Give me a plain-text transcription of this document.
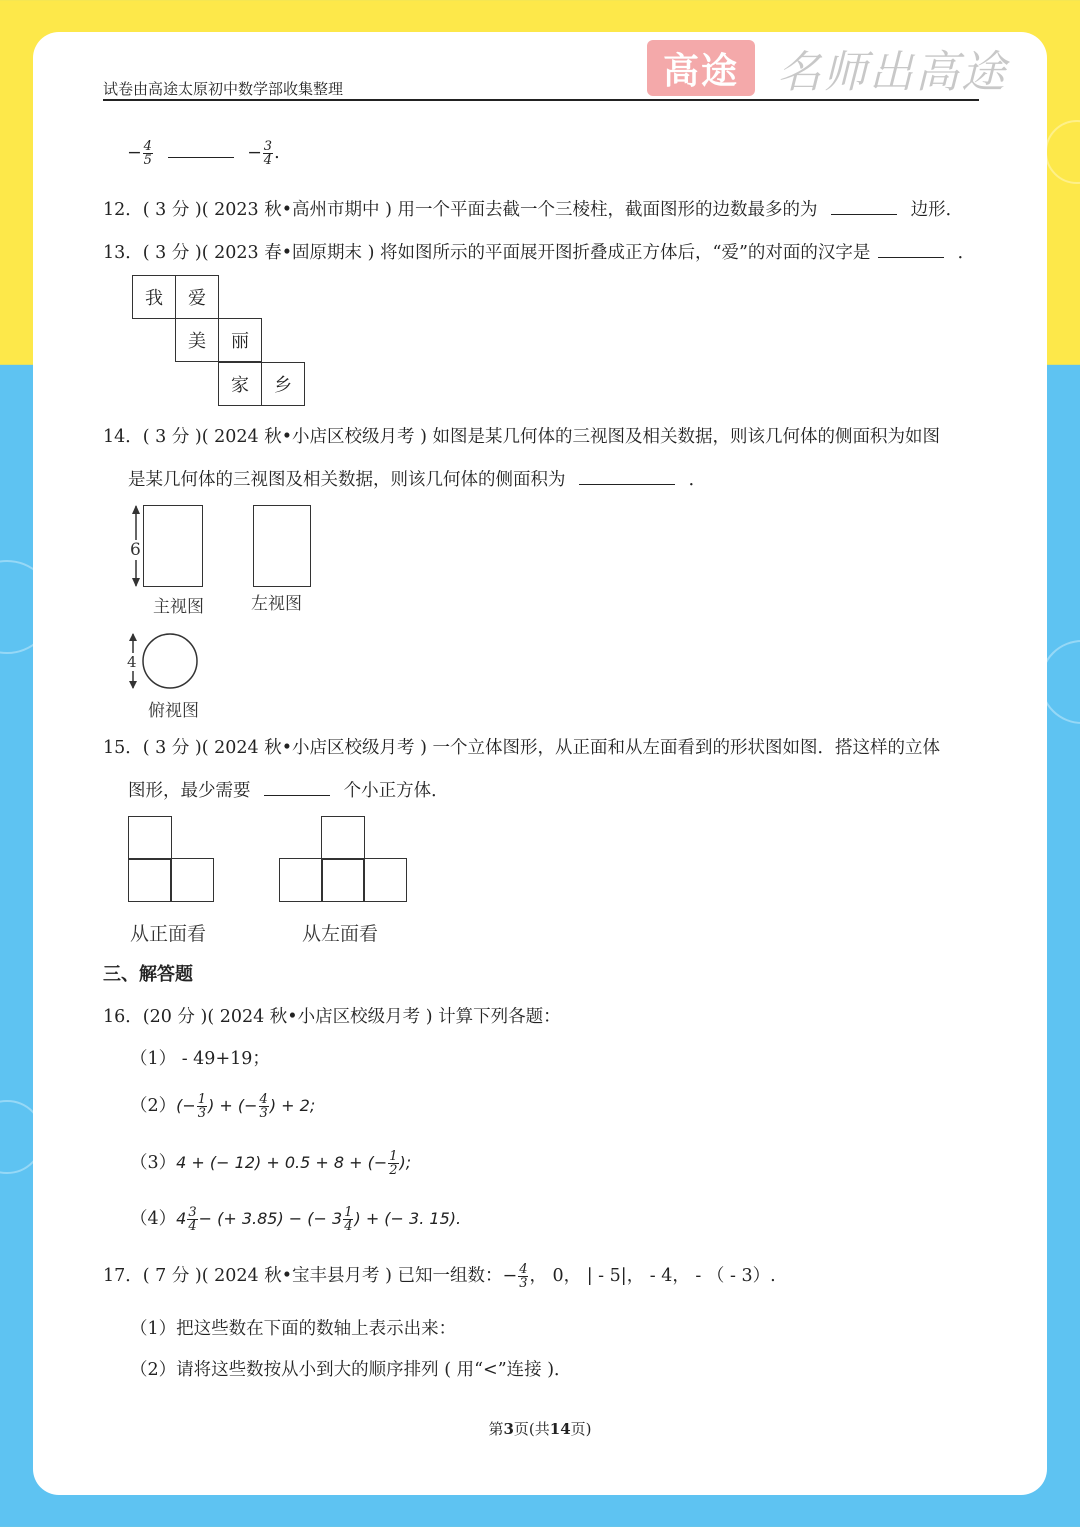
高途 名师出高途
试卷由高途太原初中数学部收集整理
− $\frac{4}{5}$	− $\frac{3}{4}$ .
12．( 3 分 )( 2023 秋•高州市期中 ) 用一个平面去截一个三棱柱，截面图形的边数最多的为	边形．
13．( 3 分 )( 2023 春•固原期末 ) 将如图所示的平面展开图折叠成正方体后，“爱”的对面的汉字是	．
我	爱
美	丽
家	乡
14．( 3 分 )( 2024 秋•小店区校级月考 ) 如图是某几何体的三视图及相关数据，则该几何体的侧面积为如图
是某几何体的三视图及相关数据，则该几何体的侧面积为	．
6
主视图	左视图
4
俯视图
15．( 3 分 )( 2024 秋•小店区校级月考 ) 一个立体图形，从正面和从左面看到的形状图如图．搭这样的立体
图形，最少需要	个小正方体．
从正面看	从左面看
三、解答题
16．(20 分 )( 2024 秋•小店区校级月考 ) 计算下列各题：
（1） - 49+19；
$(2)(- \frac{1}{3}$ ) + (− $\frac{4}{3}$ ) + 2;
（3）4 + (− 12) + 0.5 + 8 + (− $\frac{1}{2}$ );
$(4)4 \frac{3}{4}$ − (+ 3.85) − (− $3 \frac{1}{4}$ ) + (− 3. 15).
17．( 7 分 )( 2024 秋•宝丰县月考 ) 已知一组数：− $\frac{4}{3}$ ， 0， | - 5|， - 4， - （ - 3）.
（1）把这些数在下面的数轴上表示出来：
（2）请将这些数按从小到大的顺序排列 ( 用“<”连接 )．
第3页(共14页)
